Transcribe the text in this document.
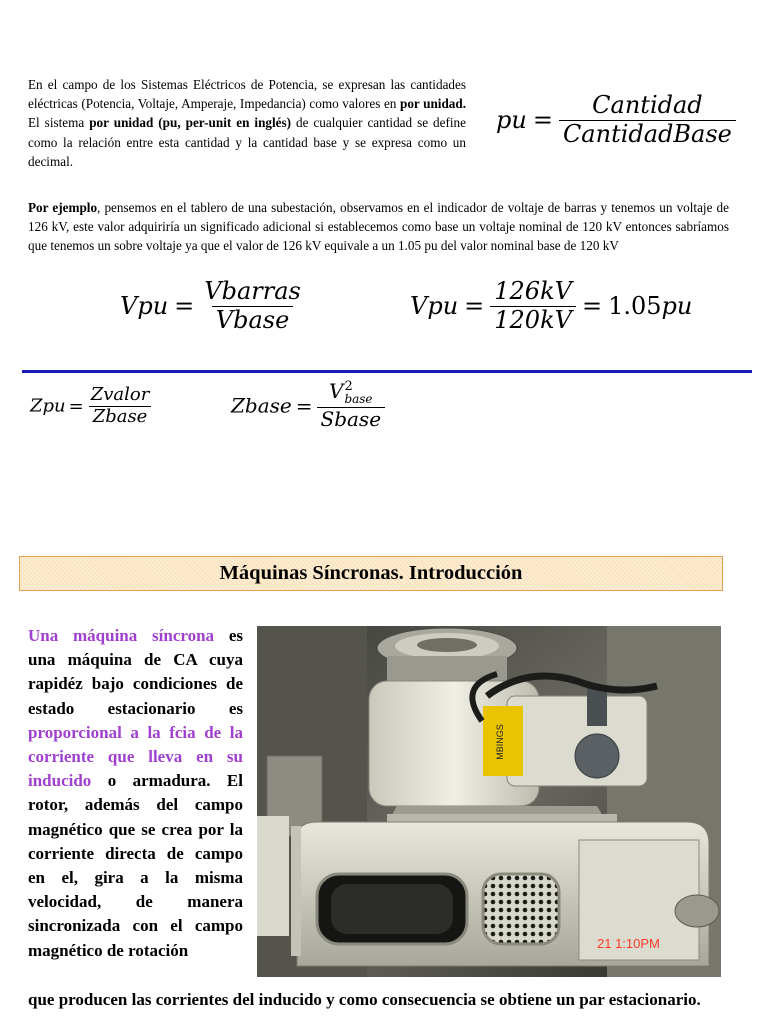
En el campo de los Sistemas Eléctricos de Potencia, se expresan las cantidades eléctricas (Potencia, Voltaje, Amperaje, Impedancia) como valores en por unidad. El sistema por unidad (pu, per-unit en inglés) de cualquier cantidad se define como la relación entre esta cantidad y la cantidad base y se expresa como un decimal.
pu = $\frac{\text{Cantidad}}{\text{CantidadBase}}$
Por ejemplo, pensemos en el tablero de una subestación, observamos en el indicador de voltaje de barras y tenemos un voltaje de 126 kV, este valor adquiriría un significado adicional si establecemos como base un voltaje nominal de 120 kV entonces sabríamos que tenemos un sobre voltaje ya que el valor de 126 kV equivale a un 1.05 pu del valor nominal base de 120 kV
Vpu = $\frac{\text{Vbarras}}{\text{Vbase}}$	Vpu = $\frac{126kV}{120kV} = 1.05pu$
Zpu = $\frac{\text{Zvalor}}{\text{Zbase}}$	Zbase = V 2
base
Sbase
Máquinas Síncronas. Introducción
Una máquina síncrona es una máquina de CA cuya rapidéz bajo condiciones de estado estacionario es proporcional a la fcia de la corriente que lleva en su inducido o armadura. El rotor, además del campo magnético que se crea por la corriente directa de campo en el, gira a la misma velocidad, de manera sincronizada con el campo magnético de rotación
que producen las corrientes del inducido y como consecuencia se obtiene un par estacionario.
MBINGS
21 1:10PM
